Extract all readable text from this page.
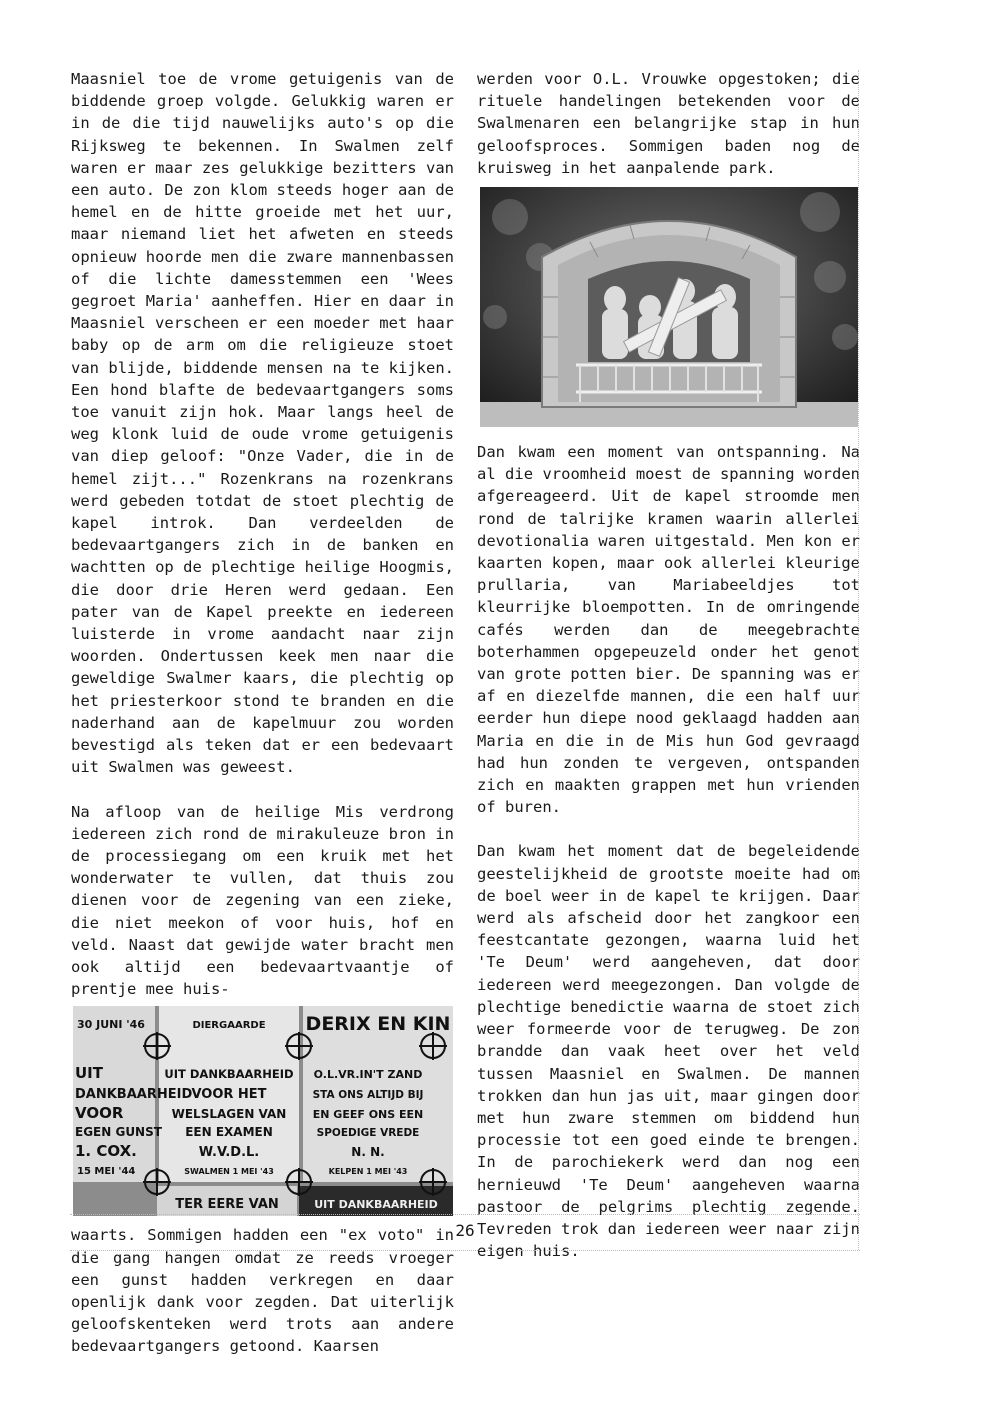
Maasniel toe de vrome getuigenis van de biddende groep volgde. Gelukkig waren er in de die tijd nauwelijks auto's op die Rijksweg te bekennen. In Swalmen zelf waren er maar zes gelukkige bezitters van een auto. De zon klom steeds hoger aan de hemel en de hitte groeide met het uur, maar niemand liet het afweten en steeds opnieuw hoorde men die zware mannenbassen of die lichte damesstemmen een 'Wees gegroet Maria' aanheffen. Hier en daar in Maasniel verscheen er een moeder met haar baby op de arm om die religieuze stoet van blijde, biddende mensen na te kijken. Een hond blafte de bedevaartgangers soms toe vanuit zijn hok. Maar langs heel de weg klonk luid de oude vrome getuigenis van diep geloof: "Onze Vader, die in de hemel zijt..." Rozenkrans na rozenkrans werd gebeden totdat de stoet plechtig de kapel introk. Dan verdeelden de bedevaartgangers zich in de banken en wachtten op de plechtige heilige Hoogmis, die door drie Heren werd gedaan. Een pater van de Kapel preekte en iedereen luisterde in vrome aandacht naar zijn woorden. Ondertussen keek men naar die geweldige Swalmer kaars, die plechtig op het priesterkoor stond te branden en die naderhand aan de kapelmuur zou worden bevestigd als teken dat er een bedevaart uit Swalmen was geweest.

Na afloop van de heilige Mis verdrong iedereen zich rond de mirakuleuze bron in de processiegang om een kruik met het wonderwater te vullen, dat thuis zou dienen voor de zegening van een zieke, die niet meekon of voor huis, hof en veld. Naast dat gewijde water bracht men ook altijd een bedevaartvaantje of prentje mee huis-

30 JUNI '46
UIT
DANKBAARHEID
VOOR
EGEN GUNST
1. COX.
15 MEI '44
DIERGAARDE
UIT DANKBAARHEID
VOOR HET
WELSLAGEN VAN
EEN EXAMEN
W.V.D.L.
SWALMEN 1 MEI '43
DERIX EN KIN
O.L.VR.IN'T ZAND
STA ONS ALTIJD BIJ
EN GEEF ONS EEN
SPOEDIGE VREDE
N. N.
KELPEN 1 MEI '43
TER EERE VAN	UIT DANKBAARHEID

waarts. Sommigen hadden een "ex voto" in die gang hangen omdat ze reeds vroeger een gunst hadden verkregen en daar openlijk dank voor zegden. Dat uiterlijk geloofskenteken werd trots aan andere bedevaartgangers getoond. Kaarsen

werden voor O.L. Vrouwke opgestoken; die rituele handelingen betekenden voor de Swalmenaren een belangrijke stap in hun geloofsproces. Sommigen baden nog de kruisweg in het aanpalende park.

Dan kwam een moment van ontspanning. Na al die vroomheid moest de spanning worden afgereageerd. Uit de kapel stroomde men rond de talrijke kramen waarin allerlei devotionalia waren uitgestald. Men kon er kaarten kopen, maar ook allerlei kleurige prullaria, van Mariabeeldjes tot kleurrijke bloempotten. In de omringende cafés werden dan de meegebrachte boterhammen opgepeuzeld onder het genot van grote potten bier. De spanning was er af en diezelfde mannen, die een half uur eerder hun diepe nood geklaagd hadden aan Maria en die in de Mis hun God gevraagd had hun zonden te vergeven, ontspanden zich en maakten grappen met hun vrienden of buren.

Dan kwam het moment dat de begeleidende geestelijkheid de grootste moeite had om de boel weer in de kapel te krijgen. Daar werd als afscheid door het zangkoor een feestcantate gezongen, waarna luid het 'Te Deum' werd aangeheven, dat door iedereen werd meegezongen. Dan volgde de plechtige benedictie waarna de stoet zich weer formeerde voor de terugweg. De zon brandde dan vaak heet over het veld tussen Maasniel en Swalmen. De mannen trokken dan hun jas uit, maar gingen door met hun zware stemmen om biddend hun processie tot een goed einde te brengen. In de parochiekerk werd dan nog een hernieuwd 'Te Deum' aangeheven waarna pastoor de pelgrims plechtig zegende. Tevreden trok dan iedereen weer naar zijn eigen huis.

26
